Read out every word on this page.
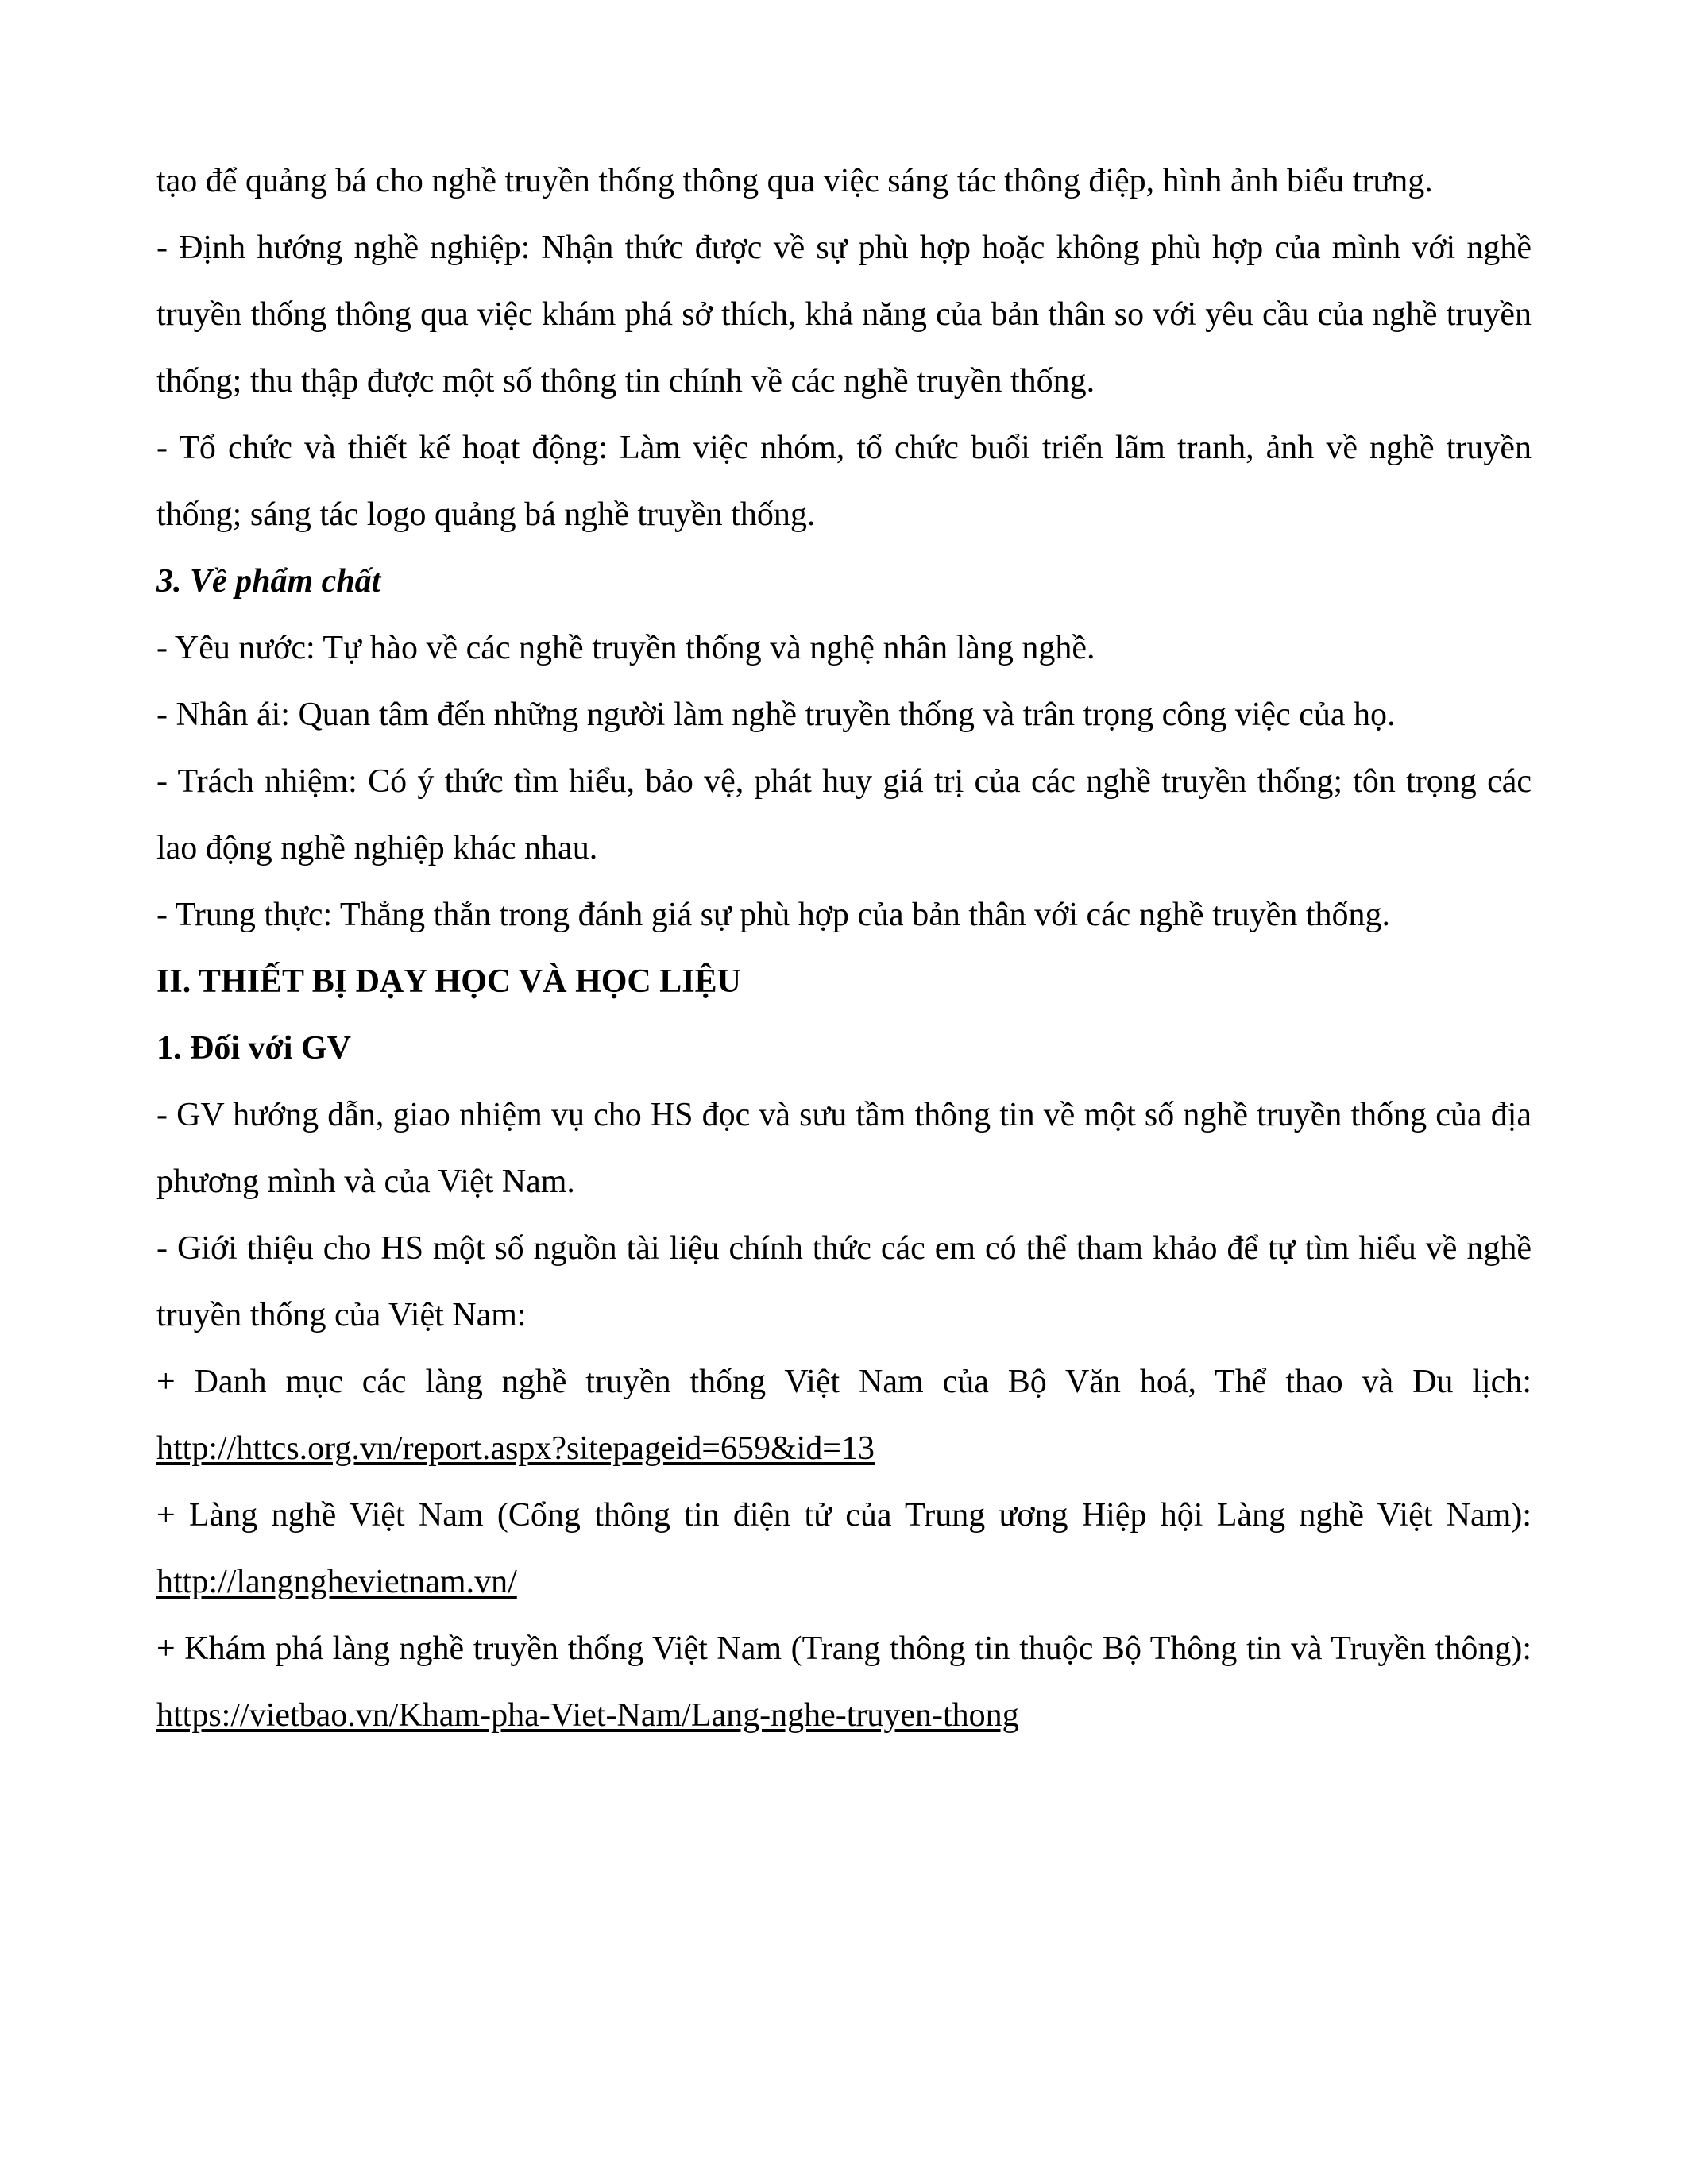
tạo để quảng bá cho nghề truyền thống thông qua việc sáng tác thông điệp, hình ảnh biểu trưng.

- Định hướng nghề nghiệp: Nhận thức được về sự phù hợp hoặc không phù hợp của mình với nghề truyền thống thông qua việc khám phá sở thích, khả năng của bản thân so với yêu cầu của nghề truyền thống; thu thập được một số thông tin chính về các nghề truyền thống.

- Tổ chức và thiết kế hoạt động: Làm việc nhóm, tổ chức buổi triển lãm tranh, ảnh về nghề truyền thống; sáng tác logo quảng bá nghề truyền thống.

3. Về phẩm chất

- Yêu nước: Tự hào về các nghề truyền thống và nghệ nhân làng nghề.

- Nhân ái: Quan tâm đến những người làm nghề truyền thống và trân trọng công việc của họ.

- Trách nhiệm: Có ý thức tìm hiểu, bảo vệ, phát huy giá trị của các nghề truyền thống; tôn trọng các lao động nghề nghiệp khác nhau.

- Trung thực: Thẳng thắn trong đánh giá sự phù hợp của bản thân với các nghề truyền thống.

II. THIẾT BỊ DẠY HỌC VÀ HỌC LIỆU

1. Đối với GV

- GV hướng dẫn, giao nhiệm vụ cho HS đọc và sưu tầm thông tin về một số nghề truyền thống của địa phương mình và của Việt Nam.

- Giới thiệu cho HS một số nguồn tài liệu chính thức các em có thể tham khảo để tự tìm hiểu về nghề truyền thống của Việt Nam:

+ Danh mục các làng nghề truyền thống Việt Nam của Bộ Văn hoá, Thể thao và Du lịch: http://httcs.org.vn/report.aspx?sitepageid=659&id=13

+ Làng nghề Việt Nam (Cổng thông tin điện tử của Trung ương Hiệp hội Làng nghề Việt Nam): http://langnghevietnam.vn/

+ Khám phá làng nghề truyền thống Việt Nam (Trang thông tin thuộc Bộ Thông tin và Truyền thông): https://vietbao.vn/Kham-pha-Viet-Nam/Lang-nghe-truyen-thong
